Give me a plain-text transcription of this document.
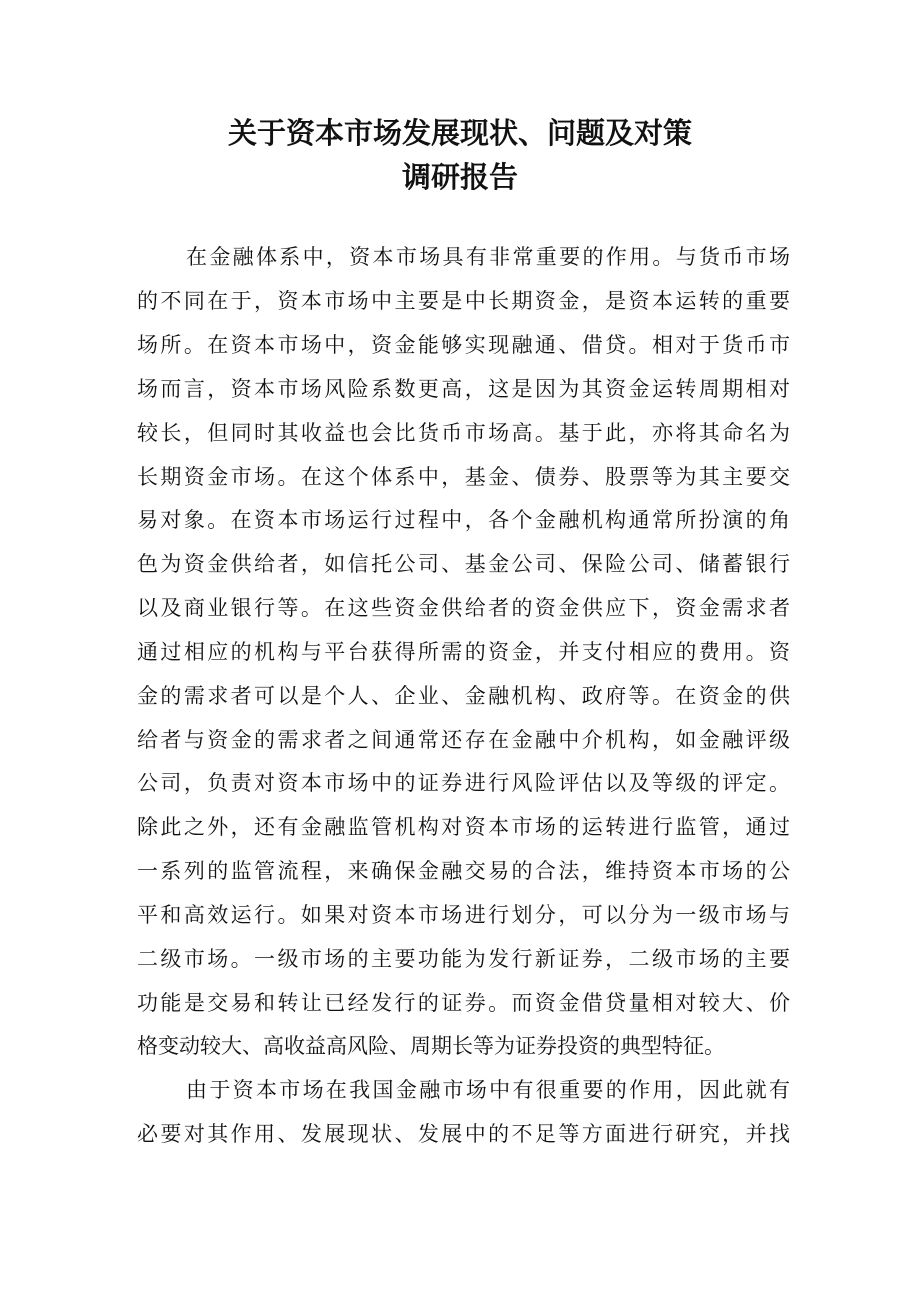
关于资本市场发展现状、问题及对策
调研报告
在金融体系中，资本市场具有非常重要的作用。与货币市场
的不同在于，资本市场中主要是中长期资金，是资本运转的重要
场所。在资本市场中，资金能够实现融通、借贷。相对于货币市
场而言，资本市场风险系数更高，这是因为其资金运转周期相对
较长，但同时其收益也会比货币市场高。基于此，亦将其命名为
长期资金市场。在这个体系中，基金、债券、股票等为其主要交
易对象。在资本市场运行过程中，各个金融机构通常所扮演的角
色为资金供给者，如信托公司、基金公司、保险公司、储蓄银行
以及商业银行等。在这些资金供给者的资金供应下，资金需求者
通过相应的机构与平台获得所需的资金，并支付相应的费用。资
金的需求者可以是个人、企业、金融机构、政府等。在资金的供
给者与资金的需求者之间通常还存在金融中介机构，如金融评级
公司，负责对资本市场中的证券进行风险评估以及等级的评定。
除此之外，还有金融监管机构对资本市场的运转进行监管，通过
一系列的监管流程，来确保金融交易的合法，维持资本市场的公
平和高效运行。如果对资本市场进行划分，可以分为一级市场与
二级市场。一级市场的主要功能为发行新证券，二级市场的主要
功能是交易和转让已经发行的证券。而资金借贷量相对较大、价
格变动较大、高收益高风险、周期长等为证券投资的典型特征。
由于资本市场在我国金融市场中有很重要的作用，因此就有
必要对其作用、发展现状、发展中的不足等方面进行研究，并找
